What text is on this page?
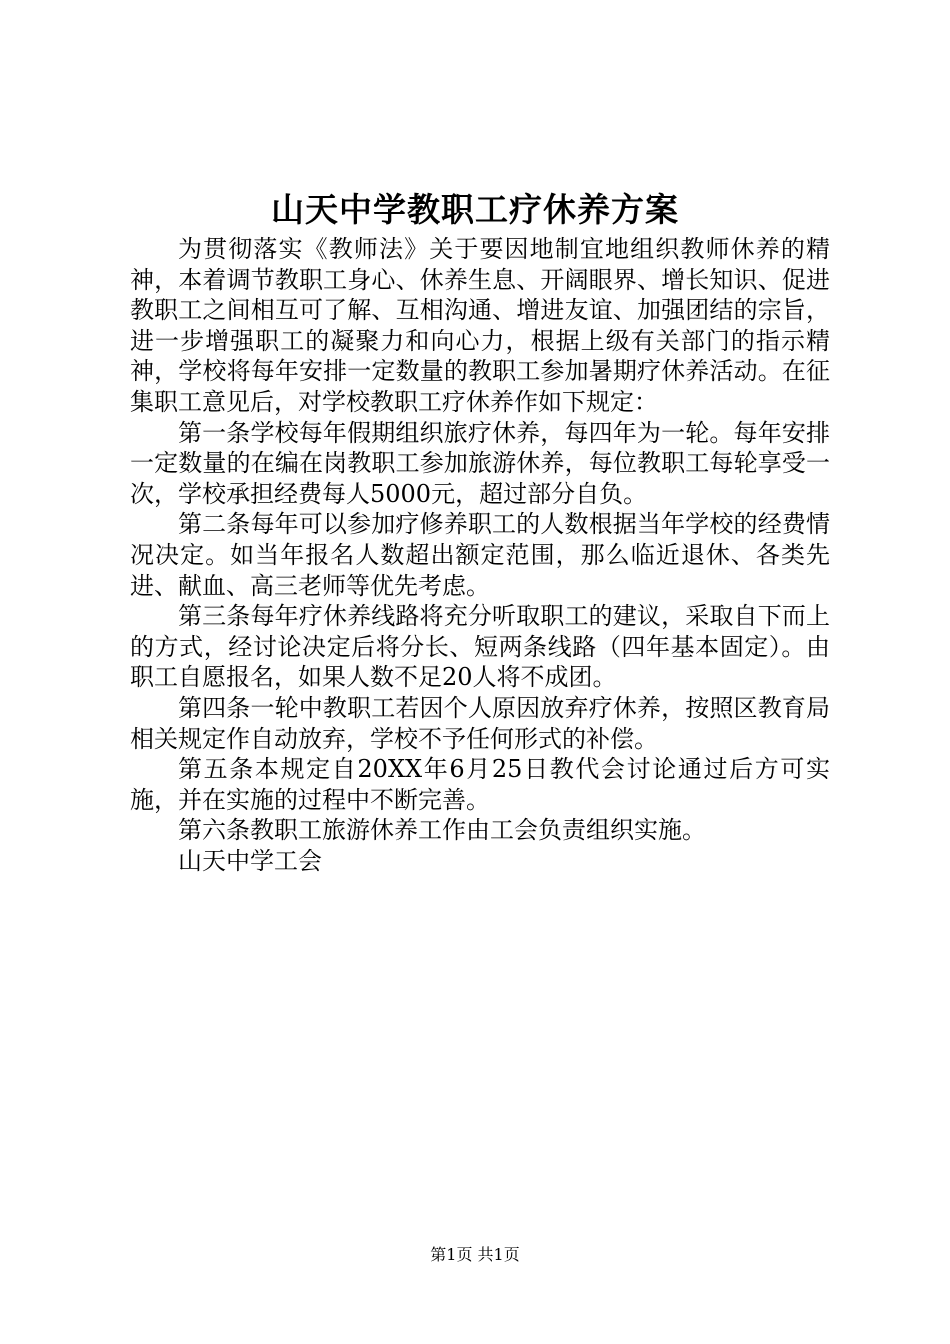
山天中学教职工疗休养方案

为贯彻落实《教师法》关于要因地制宜地组织教师休养的精神，本着调节教职工身心、休养生息、开阔眼界、增长知识、促进教职工之间相互可了解、互相沟通、增进友谊、加强团结的宗旨，进一步增强职工的凝聚力和向心力，根据上级有关部门的指示精神，学校将每年安排一定数量的教职工参加暑期疗休养活动。在征集职工意见后，对学校教职工疗休养作如下规定：

第一条学校每年假期组织旅疗休养，每四年为一轮。每年安排一定数量的在编在岗教职工参加旅游休养，每位教职工每轮享受一次，学校承担经费每人5000元，超过部分自负。

第二条每年可以参加疗修养职工的人数根据当年学校的经费情况决定。如当年报名人数超出额定范围，那么临近退休、各类先进、献血、高三老师等优先考虑。

第三条每年疗休养线路将充分听取职工的建议，采取自下而上的方式，经讨论决定后将分长、短两条线路（四年基本固定）。由职工自愿报名，如果人数不足20人将不成团。

第四条一轮中教职工若因个人原因放弃疗休养，按照区教育局相关规定作自动放弃，学校不予任何形式的补偿。

第五条本规定自20XX年6月25日教代会讨论通过后方可实施，并在实施的过程中不断完善。

第六条教职工旅游休养工作由工会负责组织实施。

山天中学工会

第1页 共1页
